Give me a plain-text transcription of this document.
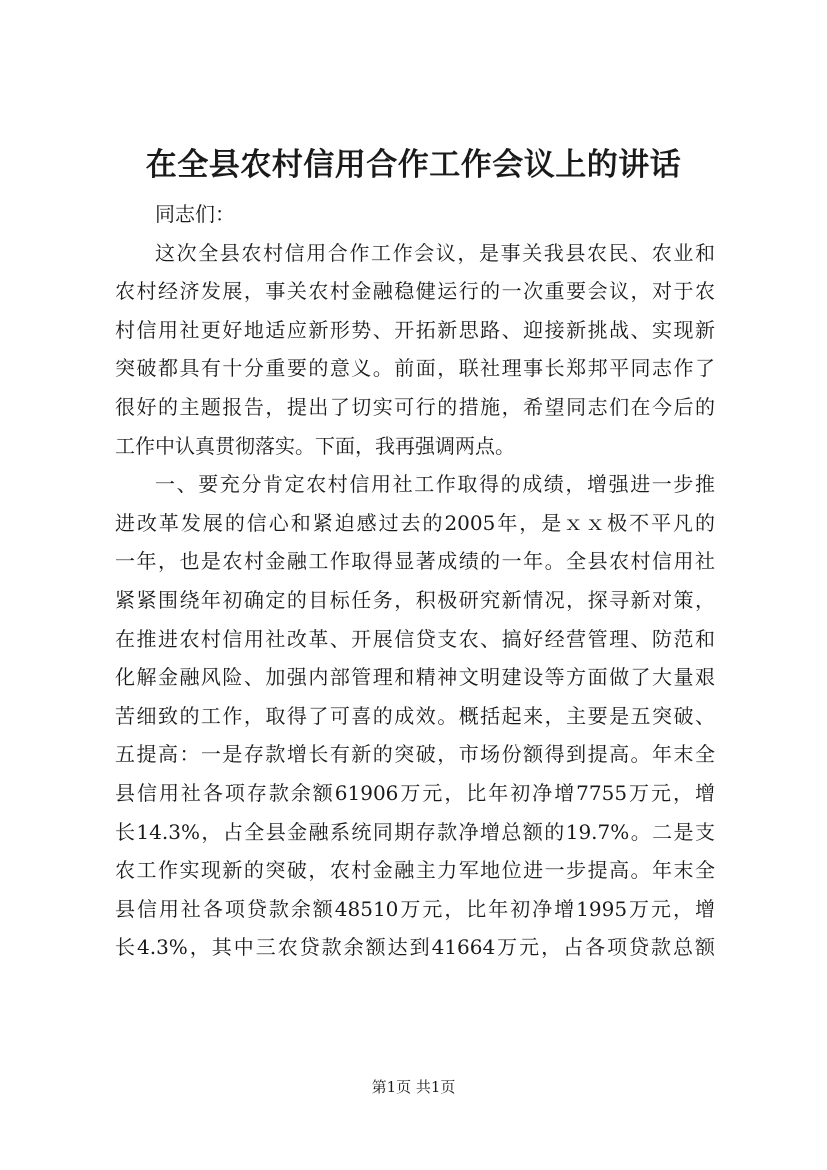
在全县农村信用合作工作会议上的讲话
同志们：
这次全县农村信用合作工作会议，是事关我县农民、农业和
农村经济发展，事关农村金融稳健运行的一次重要会议，对于农
村信用社更好地适应新形势、开拓新思路、迎接新挑战、实现新
突破都具有十分重要的意义。前面，联社理事长郑邦平同志作了
很好的主题报告，提出了切实可行的措施，希望同志们在今后的
工作中认真贯彻落实。下面，我再强调两点。
一、要充分肯定农村信用社工作取得的成绩，增强进一步推
进改革发展的信心和紧迫感过去的2005年，是ｘｘ极不平凡的
一年，也是农村金融工作取得显著成绩的一年。全县农村信用社
紧紧围绕年初确定的目标任务，积极研究新情况，探寻新对策，
在推进农村信用社改革、开展信贷支农、搞好经营管理、防范和
化解金融风险、加强内部管理和精神文明建设等方面做了大量艰
苦细致的工作，取得了可喜的成效。概括起来，主要是五突破、
五提高：一是存款增长有新的突破，市场份额得到提高。年末全
县信用社各项存款余额61906万元，比年初净增7755万元，增
长14.3%，占全县金融系统同期存款净增总额的19.7%。二是支
农工作实现新的突破，农村金融主力军地位进一步提高。年末全
县信用社各项贷款余额48510万元，比年初净增1995万元，增
长4.3%，其中三农贷款余额达到41664万元，占各项贷款总额
第1页 共1页
